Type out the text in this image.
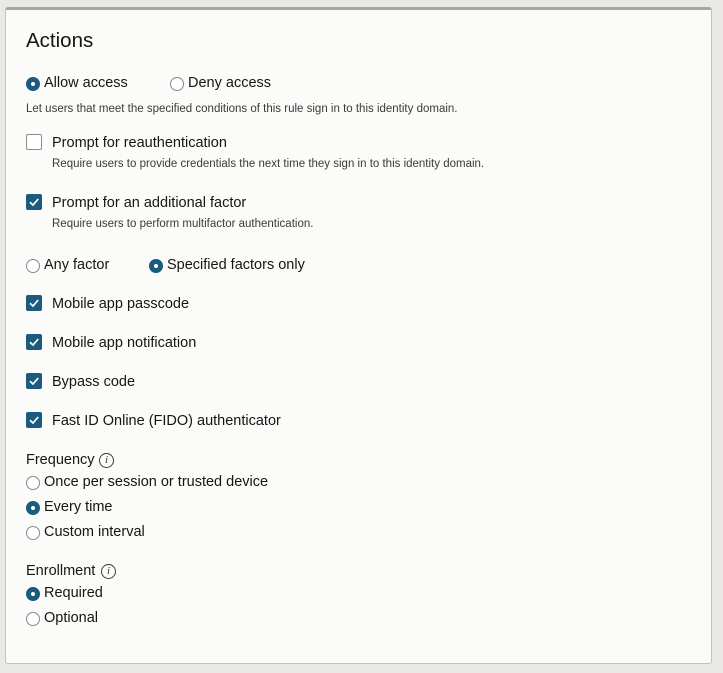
Actions
Allow access	Deny access
Let users that meet the specified conditions of this rule sign in to this identity domain.
Prompt for reauthentication
Require users to provide credentials the next time they sign in to this identity domain.
Prompt for an additional factor
Require users to perform multifactor authentication.
Any factor	Specified factors only
Mobile app passcode
Mobile app notification
Bypass code
Fast ID Online (FIDO) authenticator
Frequency i
Once per session or trusted device
Every time
Custom interval
Enrollment	i
Required
Optional
